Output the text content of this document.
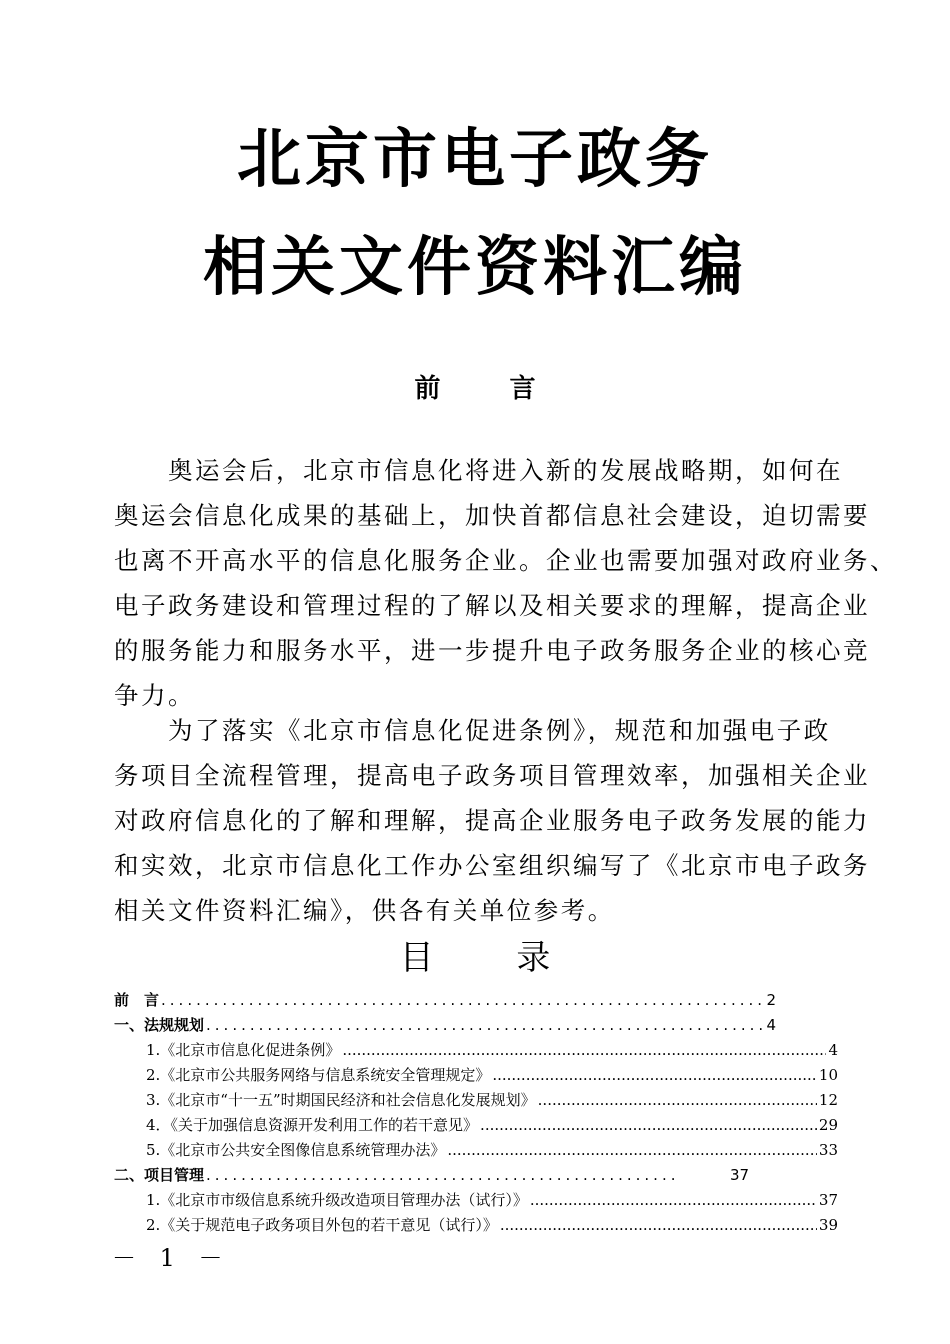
北京市电子政务
相关文件资料汇编
前 言

　　奥运会后，北京市信息化将进入新的发展战略期，如何在
奥运会信息化成果的基础上，加快首都信息社会建设，迫切需要
也离不开高水平的信息化服务企业。企业也需要加强对政府业务、
电子政务建设和管理过程的了解以及相关要求的理解，提高企业
的服务能力和服务水平，进一步提升电子政务服务企业的核心竞
争力。

　　为了落实《北京市信息化促进条例》，规范和加强电子政
务项目全流程管理，提高电子政务项目管理效率，加强相关企业
对政府信息化的了解和理解，提高企业服务电子政务发展的能力
和实效，北京市信息化工作办公室组织编写了《北京市电子政务
相关文件资料汇编》，供各有关单位参考。

目 录
前　言 .....	2
一、法规规划 .....	4
1.《北京市信息化促进条例》 .....	4
2.《北京市公共服务网络与信息系统安全管理规定》 .....	10
3.《北京市“十一五”时期国民经济和社会信息化发展规划》 .....	12
4．《关于加强信息资源开发利用工作的若干意见》 .....	29
5.《北京市公共安全图像信息系统管理办法》 .....	33
二、项目管理 .....	37
1.《北京市市级信息系统升级改造项目管理办法（试行）》 .....	37
2.《关于规范电子政务项目外包的若干意见（试行）》 .....	39
－ 1 －
